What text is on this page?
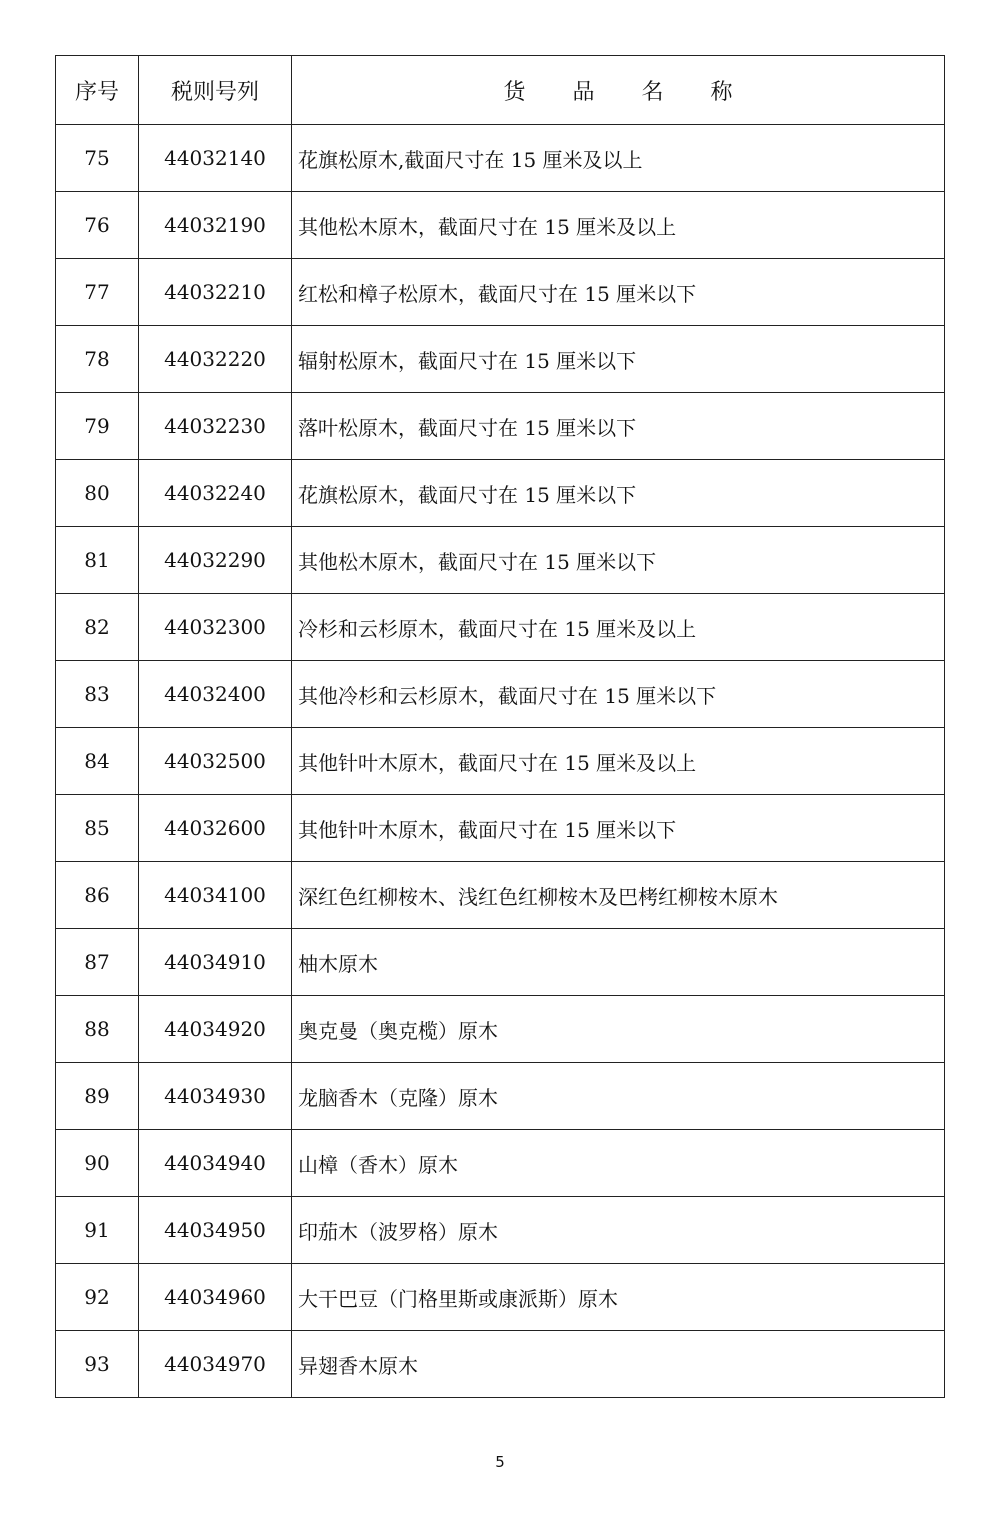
序号	税则号列	货 品 名 称
75	44032140	花旗松原木,截面尺寸在 15 厘米及以上
76	44032190	其他松木原木，截面尺寸在 15 厘米及以上
77	44032210	红松和樟子松原木，截面尺寸在 15 厘米以下
78	44032220	辐射松原木，截面尺寸在 15 厘米以下
79	44032230	落叶松原木，截面尺寸在 15 厘米以下
80	44032240	花旗松原木，截面尺寸在 15 厘米以下
81	44032290	其他松木原木，截面尺寸在 15 厘米以下
82	44032300	冷杉和云杉原木，截面尺寸在 15 厘米及以上
83	44032400	其他冷杉和云杉原木，截面尺寸在 15 厘米以下
84	44032500	其他针叶木原木，截面尺寸在 15 厘米及以上
85	44032600	其他针叶木原木，截面尺寸在 15 厘米以下
86	44034100	深红色红柳桉木、浅红色红柳桉木及巴栲红柳桉木原木
87	44034910	柚木原木
88	44034920	奥克曼（奥克榄）原木
89	44034930	龙脑香木（克隆）原木
90	44034940	山樟（香木）原木
91	44034950	印茄木（波罗格）原木
92	44034960	大干巴豆（门格里斯或康派斯）原木
93	44034970	异翅香木原木
5
